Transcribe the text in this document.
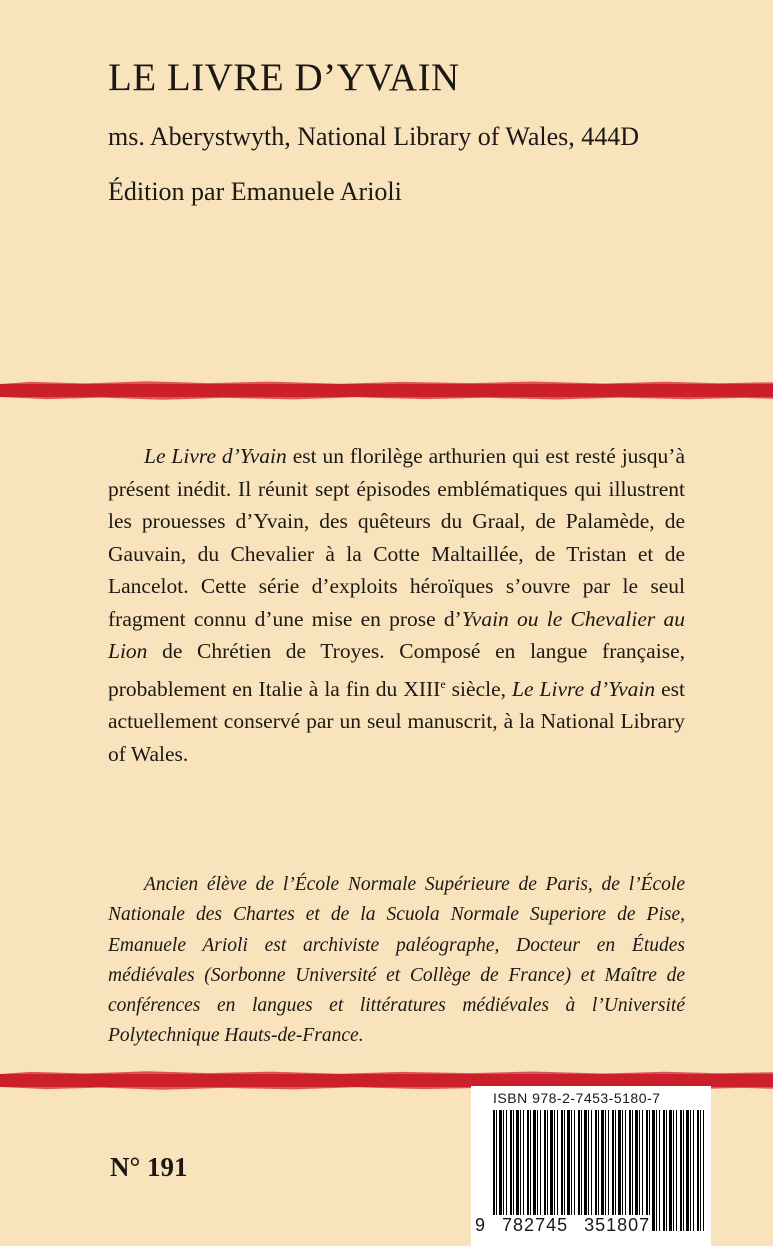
LE LIVRE D’YVAIN
ms. Aberystwyth, National Library of Wales, 444D
Édition par Emanuele Arioli

Le Livre d’Yvain est un florilège arthurien qui est resté jusqu’à présent inédit. Il réunit sept épisodes emblématiques qui illustrent les prouesses d’Yvain, des quêteurs du Graal, de Palamède, de Gauvain, du Chevalier à la Cotte Maltaillée, de Tristan et de Lancelot. Cette série d’exploits héroïques s’ouvre par le seul fragment connu d’une mise en prose d’Yvain ou le Chevalier au Lion de Chrétien de Troyes. Composé en langue française, probablement en Italie à la fin du XIIIe siècle, Le Livre d’Yvain est actuellement conservé par un seul manuscrit, à la National Library of Wales.

Ancien élève de l’École Normale Supérieure de Paris, de l’École Nationale des Chartes et de la Scuola Normale Superiore de Pise, Emanuele Arioli est archiviste paléographe, Docteur en Études médiévales (Sorbonne Université et Collège de France) et Maître de conférences en langues et littératures médiévales à l’Université Polytechnique Hauts-de-France.

N° 191
ISBN 978-2-7453-5180-7
9 782745 351807
